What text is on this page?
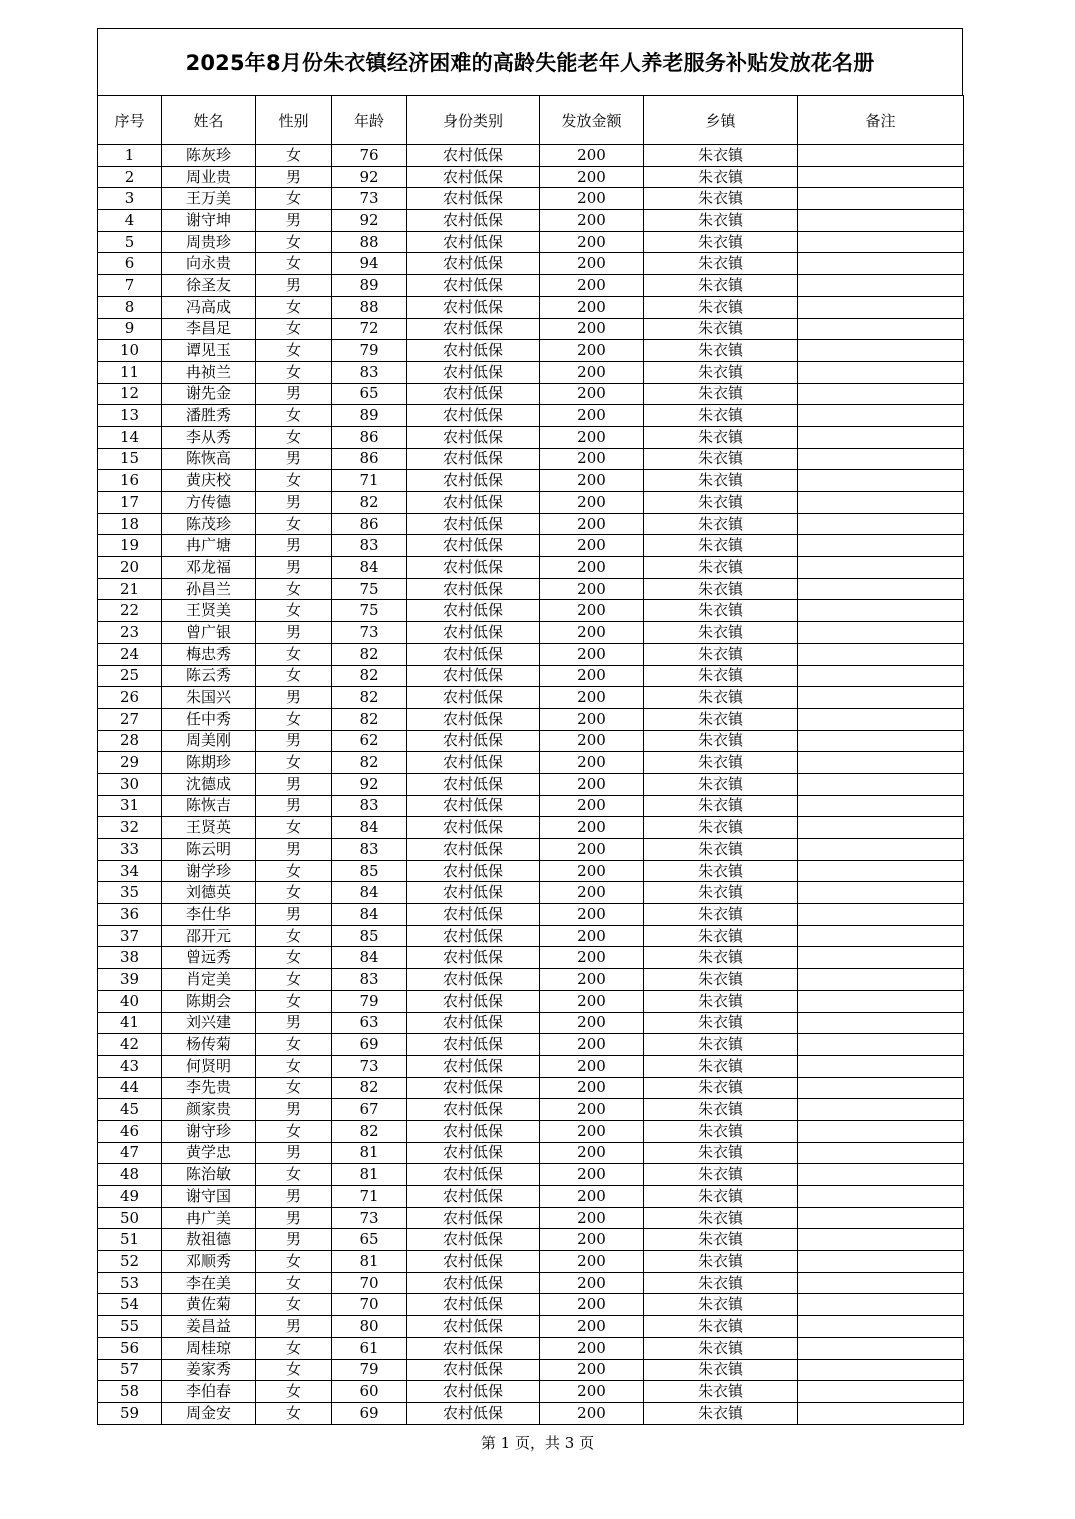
2025年8月份朱衣镇经济困难的高龄失能老年人养老服务补贴发放花名册
序号	姓名	性别	年龄	身份类别	发放金额	乡镇	备注
1	陈灰珍	女	76	农村低保	200	朱衣镇	
2	周业贵	男	92	农村低保	200	朱衣镇	
3	王万美	女	73	农村低保	200	朱衣镇	
4	谢守坤	男	92	农村低保	200	朱衣镇	
5	周贵珍	女	88	农村低保	200	朱衣镇	
6	向永贵	女	94	农村低保	200	朱衣镇	
7	徐圣友	男	89	农村低保	200	朱衣镇	
8	冯高成	女	88	农村低保	200	朱衣镇	
9	李昌足	女	72	农村低保	200	朱衣镇	
10	谭见玉	女	79	农村低保	200	朱衣镇	
11	冉祯兰	女	83	农村低保	200	朱衣镇	
12	谢先金	男	65	农村低保	200	朱衣镇	
13	潘胜秀	女	89	农村低保	200	朱衣镇	
14	李从秀	女	86	农村低保	200	朱衣镇	
15	陈恢高	男	86	农村低保	200	朱衣镇	
16	黄庆校	女	71	农村低保	200	朱衣镇	
17	方传德	男	82	农村低保	200	朱衣镇	
18	陈茂珍	女	86	农村低保	200	朱衣镇	
19	冉广塘	男	83	农村低保	200	朱衣镇	
20	邓龙福	男	84	农村低保	200	朱衣镇	
21	孙昌兰	女	75	农村低保	200	朱衣镇	
22	王贤美	女	75	农村低保	200	朱衣镇	
23	曾广银	男	73	农村低保	200	朱衣镇	
24	梅忠秀	女	82	农村低保	200	朱衣镇	
25	陈云秀	女	82	农村低保	200	朱衣镇	
26	朱国兴	男	82	农村低保	200	朱衣镇	
27	任中秀	女	82	农村低保	200	朱衣镇	
28	周美刚	男	62	农村低保	200	朱衣镇	
29	陈期珍	女	82	农村低保	200	朱衣镇	
30	沈德成	男	92	农村低保	200	朱衣镇	
31	陈恢吉	男	83	农村低保	200	朱衣镇	
32	王贤英	女	84	农村低保	200	朱衣镇	
33	陈云明	男	83	农村低保	200	朱衣镇	
34	谢学珍	女	85	农村低保	200	朱衣镇	
35	刘德英	女	84	农村低保	200	朱衣镇	
36	李仕华	男	84	农村低保	200	朱衣镇	
37	邵开元	女	85	农村低保	200	朱衣镇	
38	曾远秀	女	84	农村低保	200	朱衣镇	
39	肖定美	女	83	农村低保	200	朱衣镇	
40	陈期会	女	79	农村低保	200	朱衣镇	
41	刘兴建	男	63	农村低保	200	朱衣镇	
42	杨传菊	女	69	农村低保	200	朱衣镇	
43	何贤明	女	73	农村低保	200	朱衣镇	
44	李先贵	女	82	农村低保	200	朱衣镇	
45	颜家贵	男	67	农村低保	200	朱衣镇	
46	谢守珍	女	82	农村低保	200	朱衣镇	
47	黄学忠	男	81	农村低保	200	朱衣镇	
48	陈治敏	女	81	农村低保	200	朱衣镇	
49	谢守国	男	71	农村低保	200	朱衣镇	
50	冉广美	男	73	农村低保	200	朱衣镇	
51	敖祖德	男	65	农村低保	200	朱衣镇	
52	邓顺秀	女	81	农村低保	200	朱衣镇	
53	李在美	女	70	农村低保	200	朱衣镇	
54	黄佐菊	女	70	农村低保	200	朱衣镇	
55	姜昌益	男	80	农村低保	200	朱衣镇	
56	周桂琼	女	61	农村低保	200	朱衣镇	
57	姜家秀	女	79	农村低保	200	朱衣镇	
58	李伯春	女	60	农村低保	200	朱衣镇	
59	周金安	女	69	农村低保	200	朱衣镇	
第 1 页，共 3 页
